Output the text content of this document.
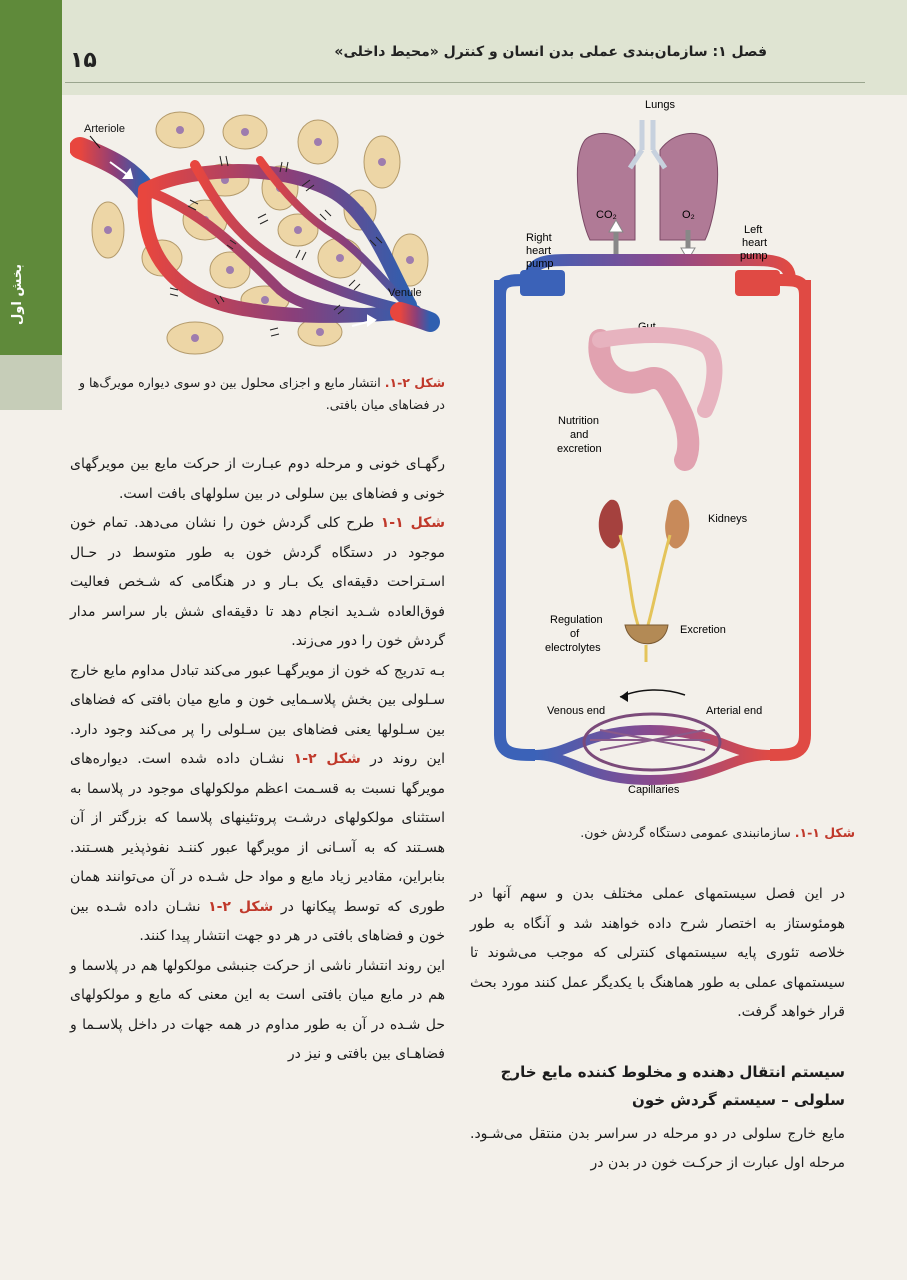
بخش اول
۱۵	فصل ۱: سازمان‌بندی عملی بدن انسان و کنترل «محیط داخلی»
Arteriole
Venule
شکل ۲-۱. انتشار مایع و اجزای محلول بین دو سوی دیواره مویرگ‌ها و در فضاهای میان بافتی.
Lungs
CO₂	O₂
Right
heart
pump
Left
heart
pump
Gut
Nutrition
and
excretion
Kidneys
Regulation
of
electrolytes
Excretion
Venous end	Arterial end
Capillaries
شکل ۱-۱. سازمانبندی عمومی دستگاه گردش خون.

رگهـای خونی و مرحله دوم عبـارت از حرکت مایع بین مویرگهای خونی و فضاهای بین سلولی در بین سلولهای بافت است.

شکل ۱-۱ طرح کلی گردش خون را نشان می‌دهد. تمام خون موجود در دستگاه گردش خون به طور متوسط در حـال اسـتراحت دقیقه‌ای یک بـار و در هنگامی که شـخص فعالیت فوق‌العاده شـدید انجام دهد تا دقیقه‌ای شش بار سراسر مدار گردش خون را دور می‌زند.

بـه تدریج که خون از مویرگهـا عبور می‌کند تبادل مداوم مایع خارج سـلولی بین بخش پلاسـمایی خون و مایع میان بافتی که فضاهای بین سـلولها یعنی فضاهای بین سـلولی را پر می‌کند وجود دارد. این روند در شکل ۲-۱ نشـان داده شده است. دیواره‌های مویرگها نسبت به قسـمت اعظم مولکولهای موجود در پلاسما به استثنای مولکولهای درشـت پروتئینهای پلاسما که بزرگتر از آن هسـتند که به آسـانی از مویرگها عبور کننـد نفوذپذیر هسـتند. بنابراین، مقادیر زیاد مایع و مواد حل شـده در آن می‌توانند همان طوری که توسط پیکانها در شکل ۲-۱ نشـان داده شـده بین خون و فضاهای بافتی در هر دو جهت انتشار پیدا کنند.

این روند انتشار ناشی از حرکت جنبشی مولکولها هم در پلاسما و هم در مایع میان بافتی است به این معنی که مایع و مولکولهای حل شـده در آن به طور مداوم در همه جهات در داخل پلاسـما و فضاهـای بین بافتی و نیز در

در این فصل سیستمهای عملی مختلف بدن و سهم آنها در هومئوستاز به اختصار شرح داده خواهند شد و آنگاه به طور خلاصه تئوری پایه سیستمهای کنترلی که موجب می‌شوند تا سیستمهای عملی به طور هماهنگ با یکدیگر عمل کنند مورد بحث قرار خواهد گرفت.

سیستم انتقال دهنده و مخلوط کننده مایع خارج سلولی – سیستم گردش خون

مایع خارج سلولی در دو مرحله در سراسر بدن منتقل می‌شـود. مرحله اول عبارت از حرکـت خون در بدن در
